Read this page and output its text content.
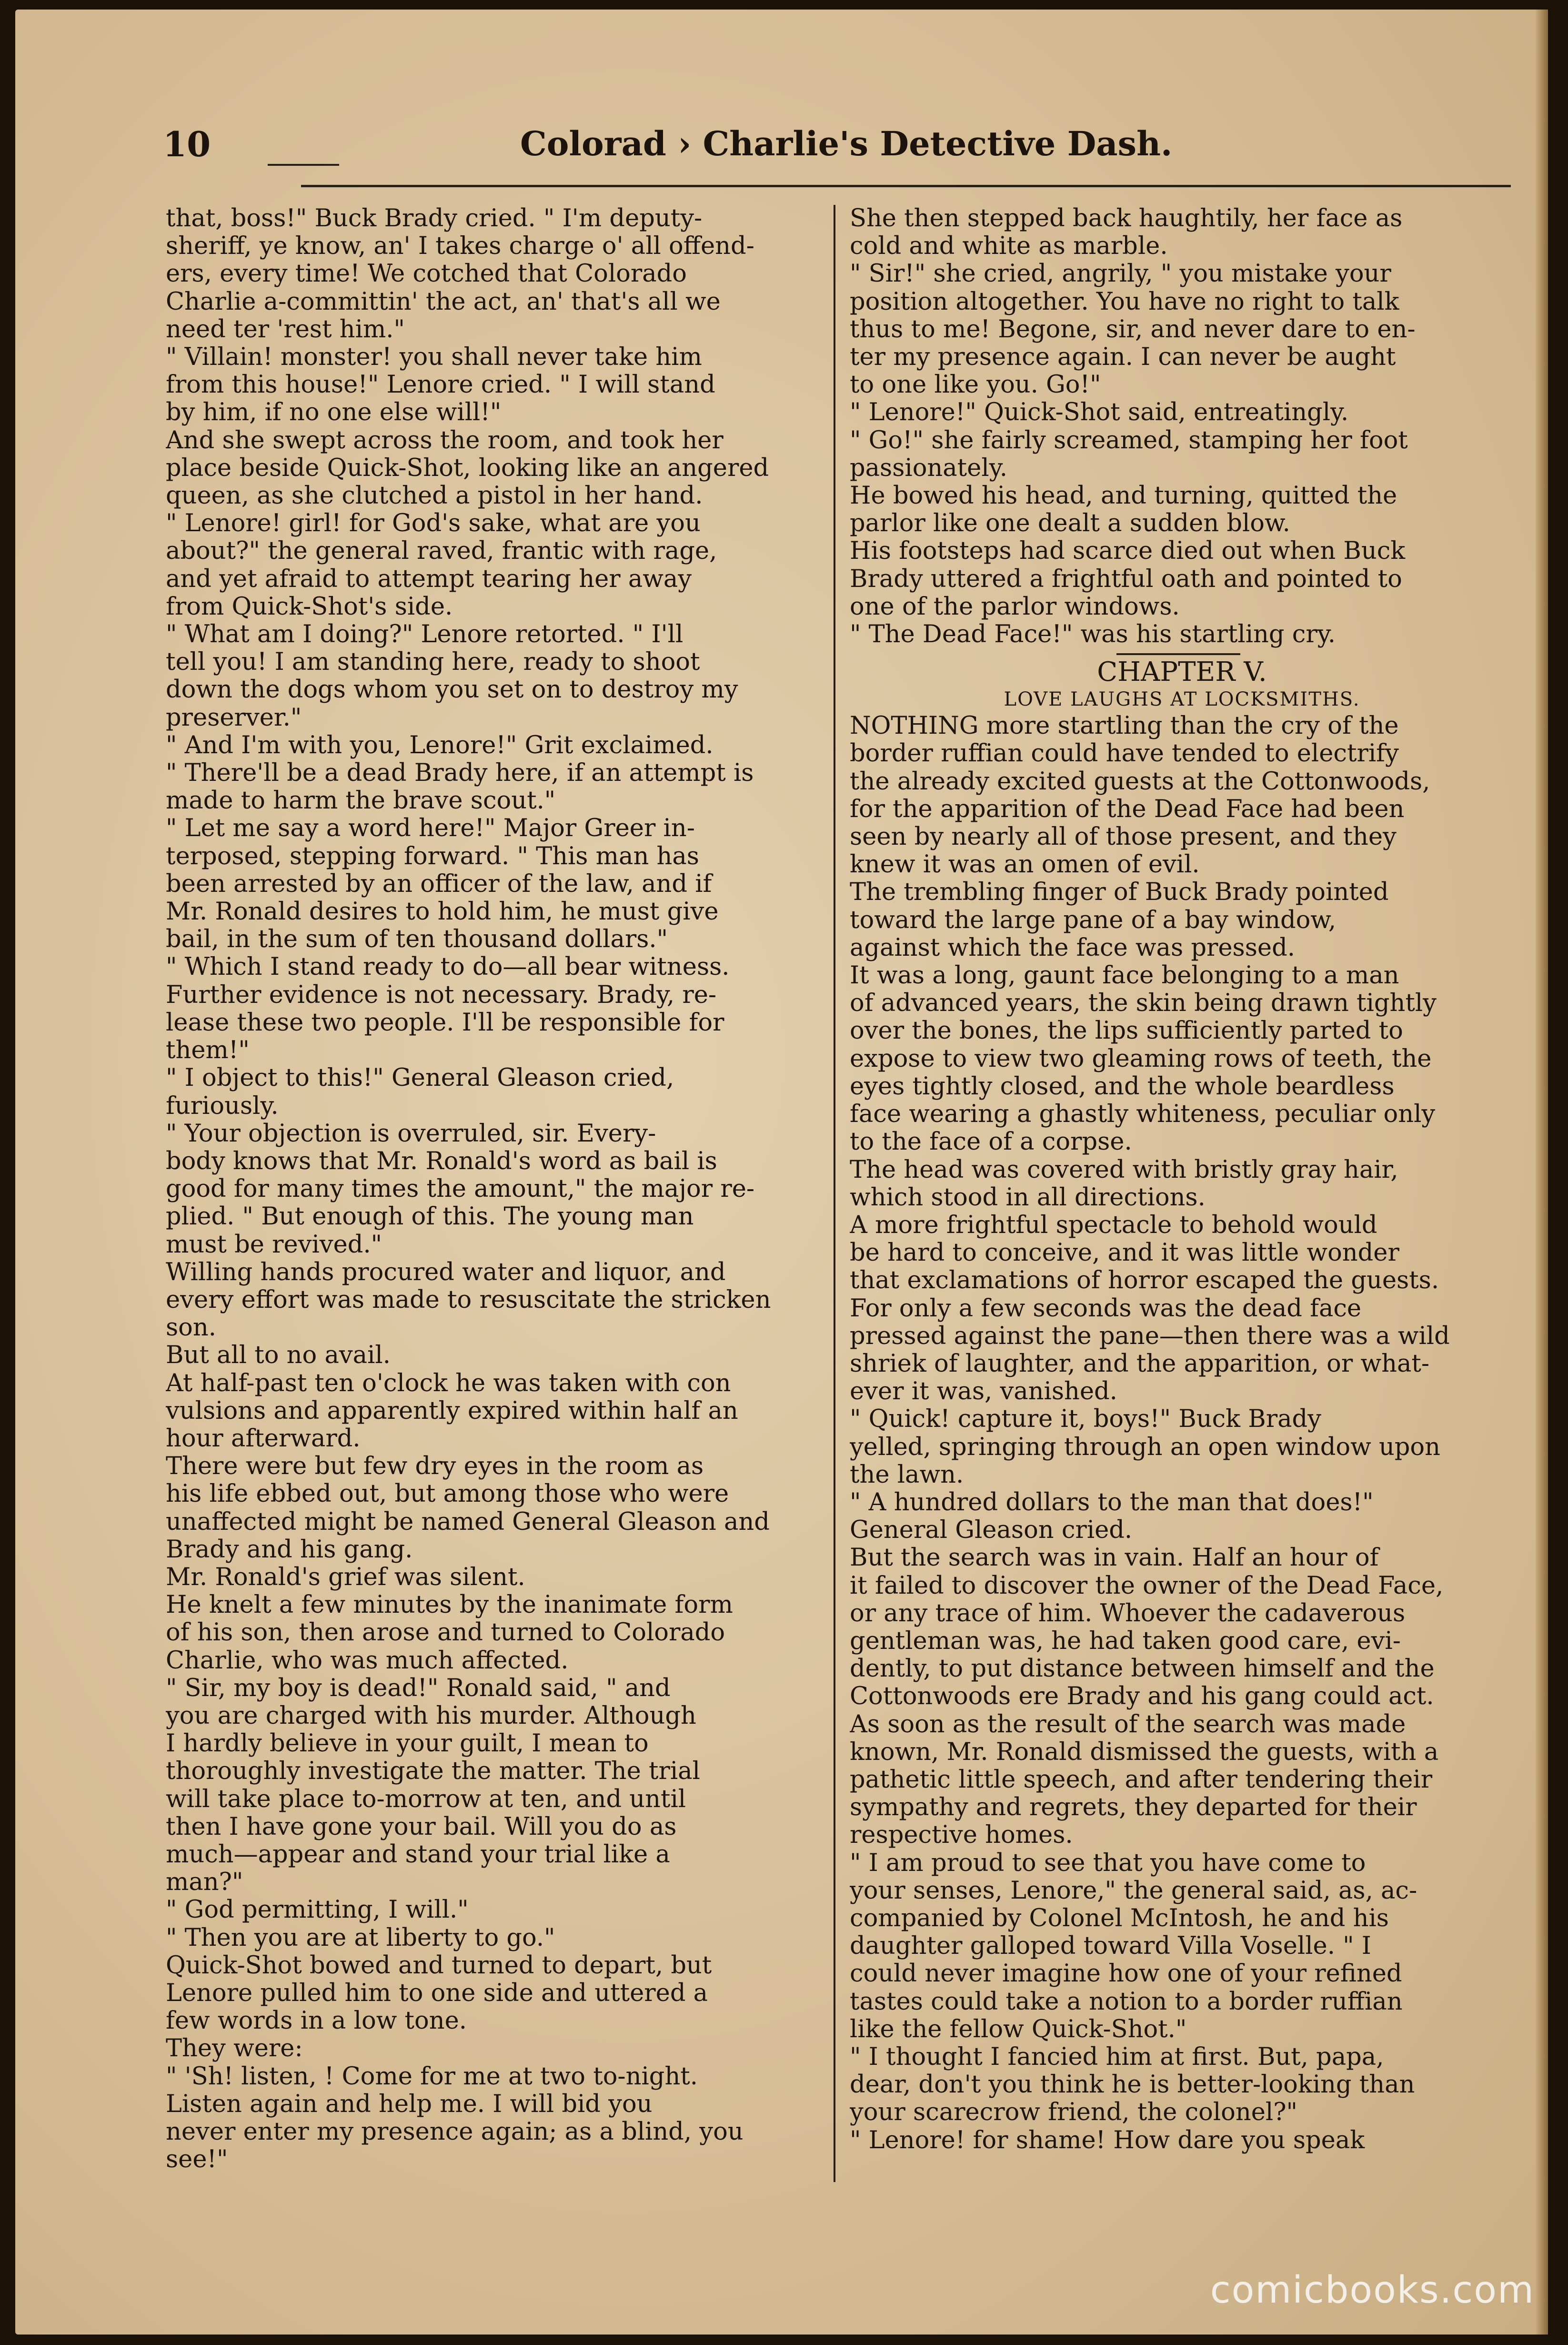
10	Colorad › Charlie's Detective Dash.
that, boss!" Buck Brady cried. " I'm deputy-
sheriff, ye know, an' I takes charge o' all offend-
ers, every time! We cotched that Colorado
Charlie a-committin' the act, an' that's all we
need ter 'rest him."
" Villain! monster! you shall never take him
from this house!" Lenore cried. " I will stand
by him, if no one else will!"
And she swept across the room, and took her
place beside Quick-Shot, looking like an angered
queen, as she clutched a pistol in her hand.
" Lenore! girl! for God's sake, what are you
about?" the general raved, frantic with rage,
and yet afraid to attempt tearing her away
from Quick-Shot's side.
" What am I doing?" Lenore retorted. " I'll
tell you! I am standing here, ready to shoot
down the dogs whom you set on to destroy my
preserver."
" And I'm with you, Lenore!" Grit exclaimed.
" There'll be a dead Brady here, if an attempt is
made to harm the brave scout."
" Let me say a word here!" Major Greer in-
terposed, stepping forward. " This man has
been arrested by an officer of the law, and if
Mr. Ronald desires to hold him, he must give
bail, in the sum of ten thousand dollars."
" Which I stand ready to do—all bear witness.
Further evidence is not necessary. Brady, re-
lease these two people. I'll be responsible for
them!"
" I object to this!" General Gleason cried,
furiously.
" Your objection is overruled, sir. Every-
body knows that Mr. Ronald's word as bail is
good for many times the amount," the major re-
plied. " But enough of this. The young man
must be revived."
Willing hands procured water and liquor, and
every effort was made to resuscitate the stricken
son.
But all to no avail.
At half-past ten o'clock he was taken with con
vulsions and apparently expired within half an
hour afterward.
There were but few dry eyes in the room as
his life ebbed out, but among those who were
unaffected might be named General Gleason and
Brady and his gang.
Mr. Ronald's grief was silent.
He knelt a few minutes by the inanimate form
of his son, then arose and turned to Colorado
Charlie, who was much affected.
" Sir, my boy is dead!" Ronald said, " and
you are charged with his murder. Although
I hardly believe in your guilt, I mean to
thoroughly investigate the matter. The trial
will take place to-morrow at ten, and until
then I have gone your bail. Will you do as
much—appear and stand your trial like a
man?"
" God permitting, I will."
" Then you are at liberty to go."
Quick-Shot bowed and turned to depart, but
Lenore pulled him to one side and uttered a
few words in a low tone.
They were:
" 'Sh! listen, ! Come for me at two to-night.
Listen again and help me. I will bid you
never enter my presence again; as a blind, you
see!"
She then stepped back haughtily, her face as
cold and white as marble.
" Sir!" she cried, angrily, " you mistake your
position altogether. You have no right to talk
thus to me! Begone, sir, and never dare to en-
ter my presence again. I can never be aught
to one like you. Go!"
" Lenore!" Quick-Shot said, entreatingly.
" Go!" she fairly screamed, stamping her foot
passionately.
He bowed his head, and turning, quitted the
parlor like one dealt a sudden blow.
His footsteps had scarce died out when Buck
Brady uttered a frightful oath and pointed to
one of the parlor windows.
" The Dead Face!" was his startling cry.
CHAPTER V.
LOVE LAUGHS AT LOCKSMITHS.
NOTHING more startling than the cry of the
border ruffian could have tended to electrify
the already excited guests at the Cottonwoods,
for the apparition of the Dead Face had been
seen by nearly all of those present, and they
knew it was an omen of evil.
The trembling finger of Buck Brady pointed
toward the large pane of a bay window,
against which the face was pressed.
It was a long, gaunt face belonging to a man
of advanced years, the skin being drawn tightly
over the bones, the lips sufficiently parted to
expose to view two gleaming rows of teeth, the
eyes tightly closed, and the whole beardless
face wearing a ghastly whiteness, peculiar only
to the face of a corpse.
The head was covered with bristly gray hair,
which stood in all directions.
A more frightful spectacle to behold would
be hard to conceive, and it was little wonder
that exclamations of horror escaped the guests.
For only a few seconds was the dead face
pressed against the pane—then there was a wild
shriek of laughter, and the apparition, or what-
ever it was, vanished.
" Quick! capture it, boys!" Buck Brady
yelled, springing through an open window upon
the lawn.
" A hundred dollars to the man that does!"
General Gleason cried.
But the search was in vain. Half an hour of
it failed to discover the owner of the Dead Face,
or any trace of him. Whoever the cadaverous
gentleman was, he had taken good care, evi-
dently, to put distance between himself and the
Cottonwoods ere Brady and his gang could act.
As soon as the result of the search was made
known, Mr. Ronald dismissed the guests, with a
pathetic little speech, and after tendering their
sympathy and regrets, they departed for their
respective homes.
" I am proud to see that you have come to
your senses, Lenore," the general said, as, ac-
companied by Colonel McIntosh, he and his
daughter galloped toward Villa Voselle. " I
could never imagine how one of your refined
tastes could take a notion to a border ruffian
like the fellow Quick-Shot."
" I thought I fancied him at first. But, papa,
dear, don't you think he is better-looking than
your scarecrow friend, the colonel?"
" Lenore! for shame! How dare you speak
comicbooks.com
